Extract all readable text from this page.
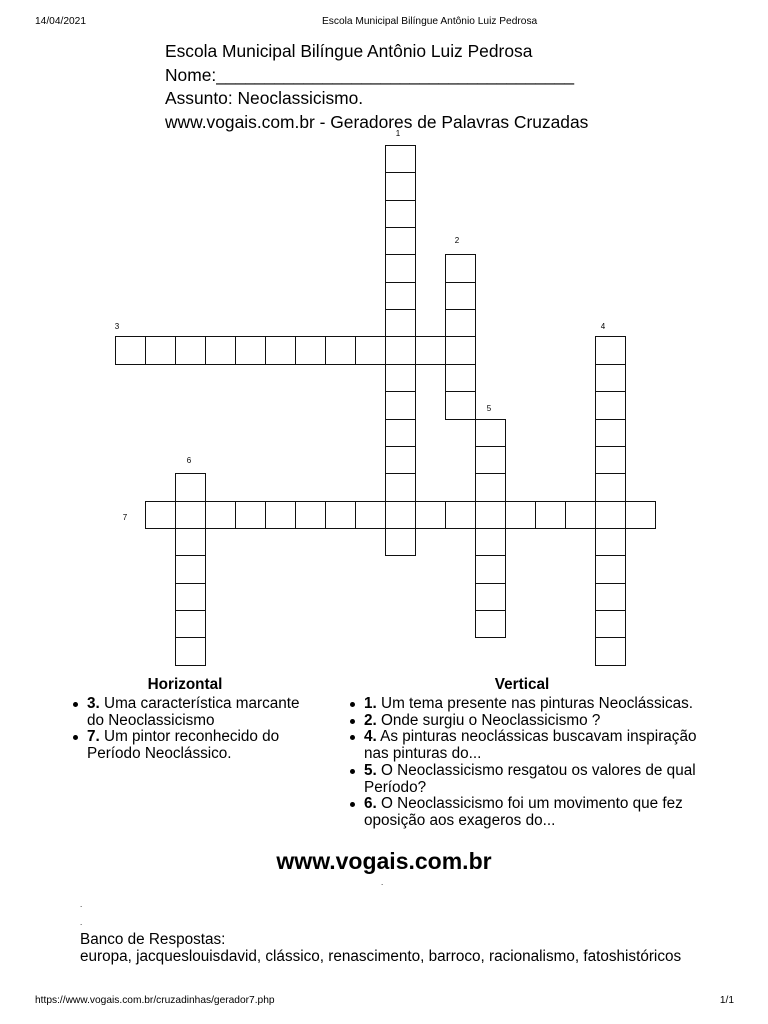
14/04/2021	Escola Municipal Bilíngue Antônio Luiz Pedrosa
Escola Municipal Bilíngue Antônio Luiz Pedrosa
Nome:_____________________________________
Assunto: Neoclassicismo.
www.vogais.com.br - Geradores de Palavras Cruzadas
1
2
3	4
5
6
7
Horizontal
3. Uma característica marcante do Neoclassicismo
7. Um pintor reconhecido do Período Neoclássico.
Vertical
1. Um tema presente nas pinturas Neoclássicas.
2. Onde surgiu o Neoclassicismo ?
4. As pinturas neoclássicas buscavam inspiração nas pinturas do...
5. O Neoclassicismo resgatou os valores de qual Período?
6. O Neoclassicismo foi um movimento que fez oposição aos exageros do...
www.vogais.com.br
.
.
.
Banco de Respostas:
europa, jacqueslouisdavid, clássico, renascimento, barroco, racionalismo, fatoshistóricos
https://www.vogais.com.br/cruzadinhas/gerador7.php	1/1
